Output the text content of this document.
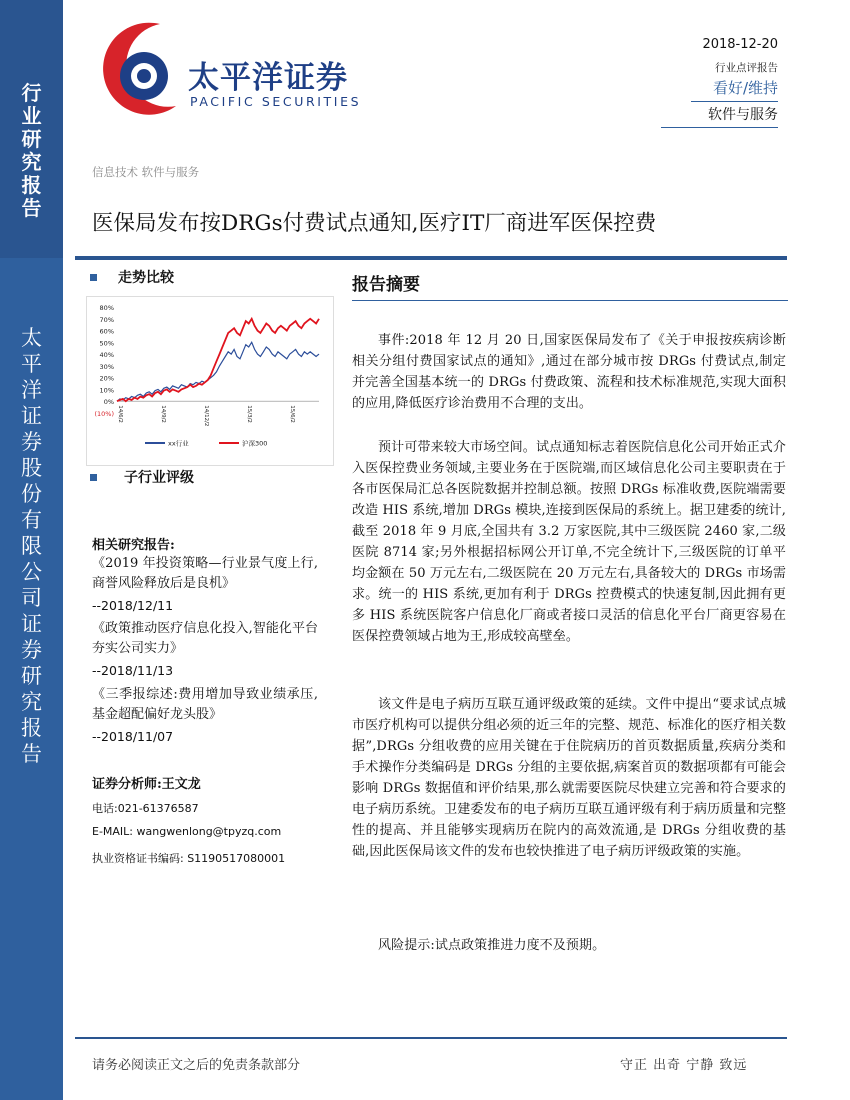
行
业
研
究
报
告
太
平
洋
证
券
股
份
有
限
公
司
证
券
研
究
报
告
太平洋证券
PACIFIC SECURITIES
2018-12-20
行业点评报告
看好/维持
软件与服务
信息技术 软件与服务
医保局发布按DRGs付费试点通知,医疗IT厂商进军医保控费
走势比较
(10%)
0%
10%
20%
30%
40%
50%
60%
70%
80%
14/6/2	14/9/2	14/12/2	15/3/2	15/6/2
xx行业	沪深300
子行业评级
相关研究报告:
《2019 年投资策略—行业景气度上行,商誉风险释放后是良机》
--2018/12/11
《政策推动医疗信息化投入,智能化平台夯实公司实力》
--2018/11/13
《三季报综述:费用增加导致业绩承压,基金超配偏好龙头股》
--2018/11/07
证券分析师:王文龙
电话:021-61376587
E-MAIL: wangwenlong@tpyzq.com
执业资格证书编码: S1190517080001
报告摘要
事件:2018 年 12 月 20 日,国家医保局发布了《关于申报按疾病诊断相关分组付费国家试点的通知》,通过在部分城市按 DRGs 付费试点,制定并完善全国基本统一的 DRGs 付费政策、流程和技术标准规范,实现大面积的应用,降低医疗诊治费用不合理的支出。
预计可带来较大市场空间。试点通知标志着医院信息化公司开始正式介入医保控费业务领域,主要业务在于医院端,而区域信息化公司主要职责在于各市医保局汇总各医院数据并控制总额。按照 DRGs 标准收费,医院端需要改造 HIS 系统,增加 DRGs 模块,连接到医保局的系统上。据卫建委的统计,截至 2018 年 9 月底,全国共有 3.2 万家医院,其中三级医院 2460 家,二级医院 8714 家;另外根据招标网公开订单,不完全统计下,三级医院的订单平均金额在 50 万元左右,二级医院在 20 万元左右,具备较大的 DRGs 市场需求。统一的 HIS 系统,更加有利于 DRGs 控费模式的快速复制,因此拥有更多 HIS 系统医院客户信息化厂商或者接口灵活的信息化平台厂商更容易在医保控费领域占地为王,形成较高壁垒。
该文件是电子病历互联互通评级政策的延续。文件中提出“要求试点城市医疗机构可以提供分组必须的近三年的完整、规范、标准化的医疗相关数据”,DRGs 分组收费的应用关键在于住院病历的首页数据质量,疾病分类和手术操作分类编码是 DRGs 分组的主要依据,病案首页的数据项都有可能会影响 DRGs 数据值和评价结果,那么就需要医院尽快建立完善和符合要求的电子病历系统。卫建委发布的电子病历互联互通评级有利于病历质量和完整性的提高、并且能够实现病历在院内的高效流通,是 DRGs 分组收费的基础,因此医保局该文件的发布也较快推进了电子病历评级政策的实施。
风险提示:试点政策推进力度不及预期。
请务必阅读正文之后的免责条款部分	守正 出奇 宁静 致远
